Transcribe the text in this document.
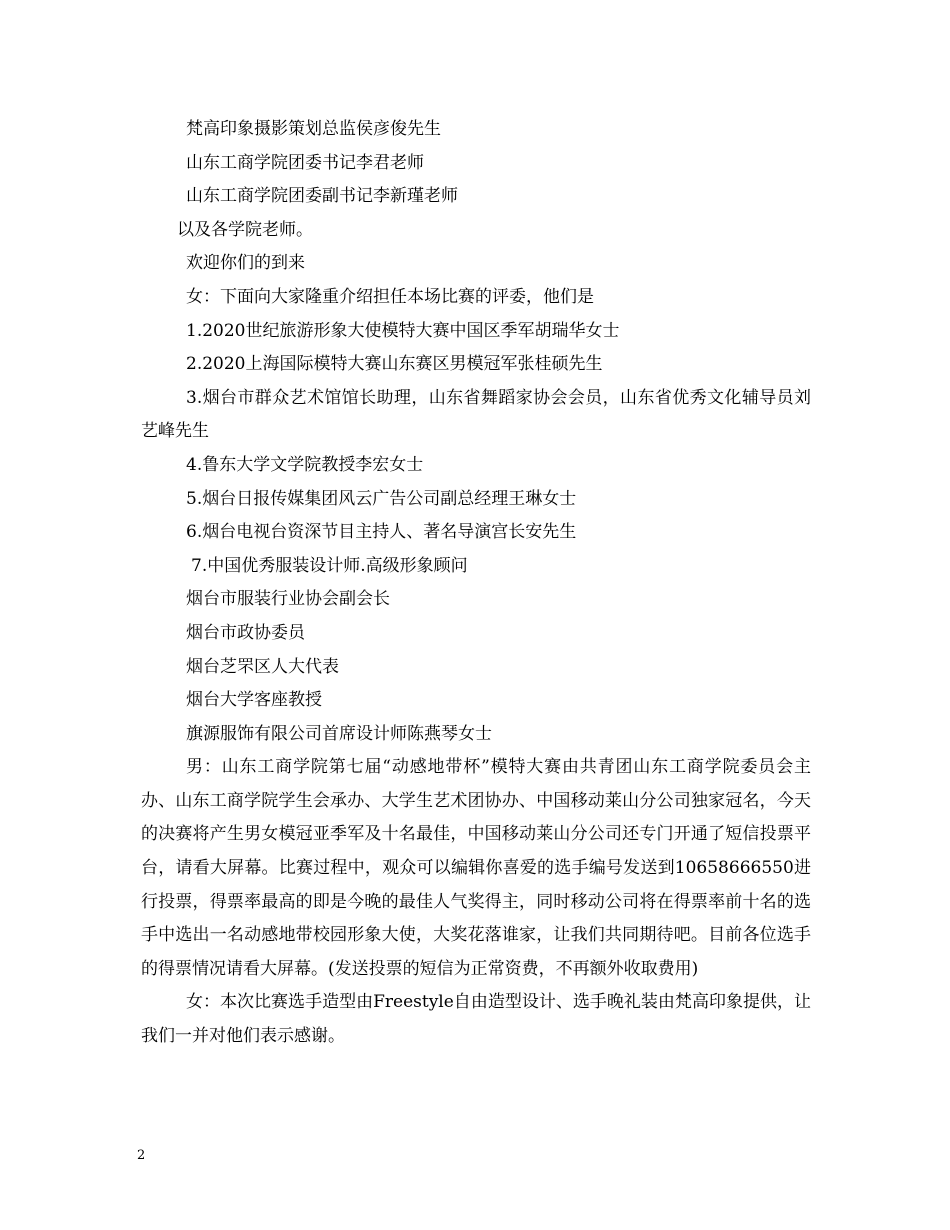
梵高印象摄影策划总监侯彦俊先生
山东工商学院团委书记李君老师
山东工商学院团委副书记李新瑾老师
以及各学院老师。
欢迎你们的到来
女：下面向大家隆重介绍担任本场比赛的评委，他们是
1.2020世纪旅游形象大使模特大赛中国区季军胡瑞华女士
2.2020上海国际模特大赛山东赛区男模冠军张桂硕先生
3.烟台市群众艺术馆馆长助理，山东省舞蹈家协会会员，山东省优秀文化辅导员刘艺峰先生
4.鲁东大学文学院教授李宏女士
5.烟台日报传媒集团风云广告公司副总经理王琳女士
6.烟台电视台资深节目主持人、著名导演宫长安先生
7.中国优秀服装设计师.高级形象顾问
烟台市服装行业协会副会长
烟台市政协委员
烟台芝罘区人大代表
烟台大学客座教授
旗源服饰有限公司首席设计师陈燕琴女士
男：山东工商学院第七届“动感地带杯”模特大赛由共青团山东工商学院委员会主办、山东工商学院学生会承办、大学生艺术团协办、中国移动莱山分公司独家冠名，今天的决赛将产生男女模冠亚季军及十名最佳，中国移动莱山分公司还专门开通了短信投票平台，请看大屏幕。比赛过程中，观众可以编辑你喜爱的选手编号发送到10658666550进行投票，得票率最高的即是今晚的最佳人气奖得主，同时移动公司将在得票率前十名的选手中选出一名动感地带校园形象大使，大奖花落谁家，让我们共同期待吧。目前各位选手的得票情况请看大屏幕。(发送投票的短信为正常资费，不再额外收取费用)
女：本次比赛选手造型由Freestyle自由造型设计、选手晚礼装由梵高印象提供，让我们一并对他们表示感谢。
2
